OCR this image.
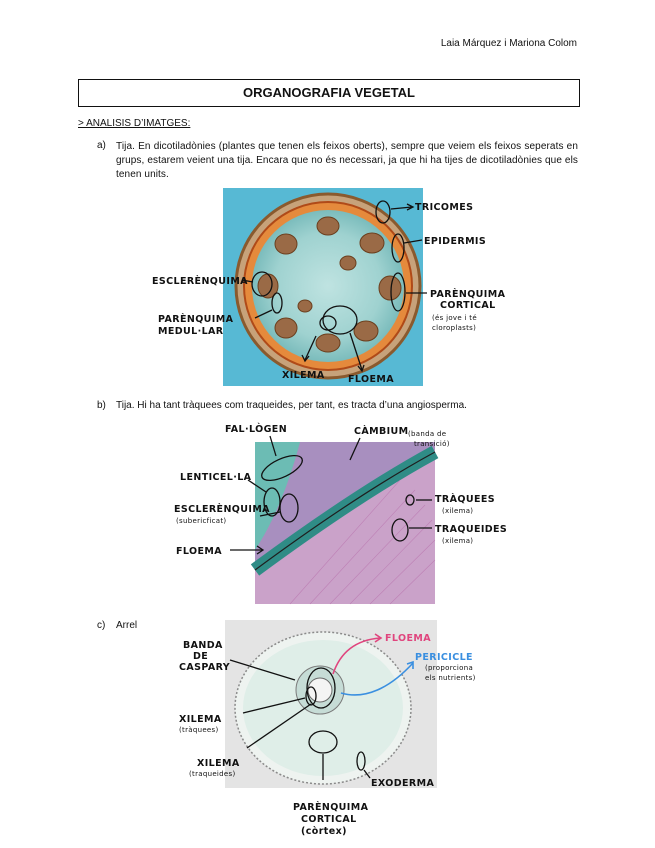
Laia Márquez i Mariona Colom
ORGANOGRAFIA VEGETAL
> ANALISIS D’IMATGES:
a) Tija. En dicotiladònies (plantes que tenen els feixos oberts), sempre que veiem els feixos seperats en grups, estarem veient una tija. Encara que no és necessari, ja que hi ha tijes de dicotiladònies que els tenen units.
TRICOMES
EPIDERMIS
ESCLERÈNQUIMA
PARÈNQUIMA
CORTICAL
(és jove i té
cloroplasts)
PARÈNQUIMA
MEDUL·LAR
XILEMA FLOEMA
b) Tija. Hi ha tant tràquees com traqueides, per tant, es tracta d’una angiosperma.
FAL·LÒGEN	CÀMBIUM (banda de
transició)
LENTICEL·LA
ESCLERÈNQUIMA
(subericficat)
FLOEMA
TRÀQUEES
(xilema)
TRAQUEIDES
(xilema)
c) Arrel
BANDA
DE
CASPARY
FLOEMA
PERICICLE
(proporciona
els nutrients)
XILEMA
(tràquees)
XILEMA
(traqueides)
EXODERMA
PARÈNQUIMA
CORTICAL
(còrtex)
